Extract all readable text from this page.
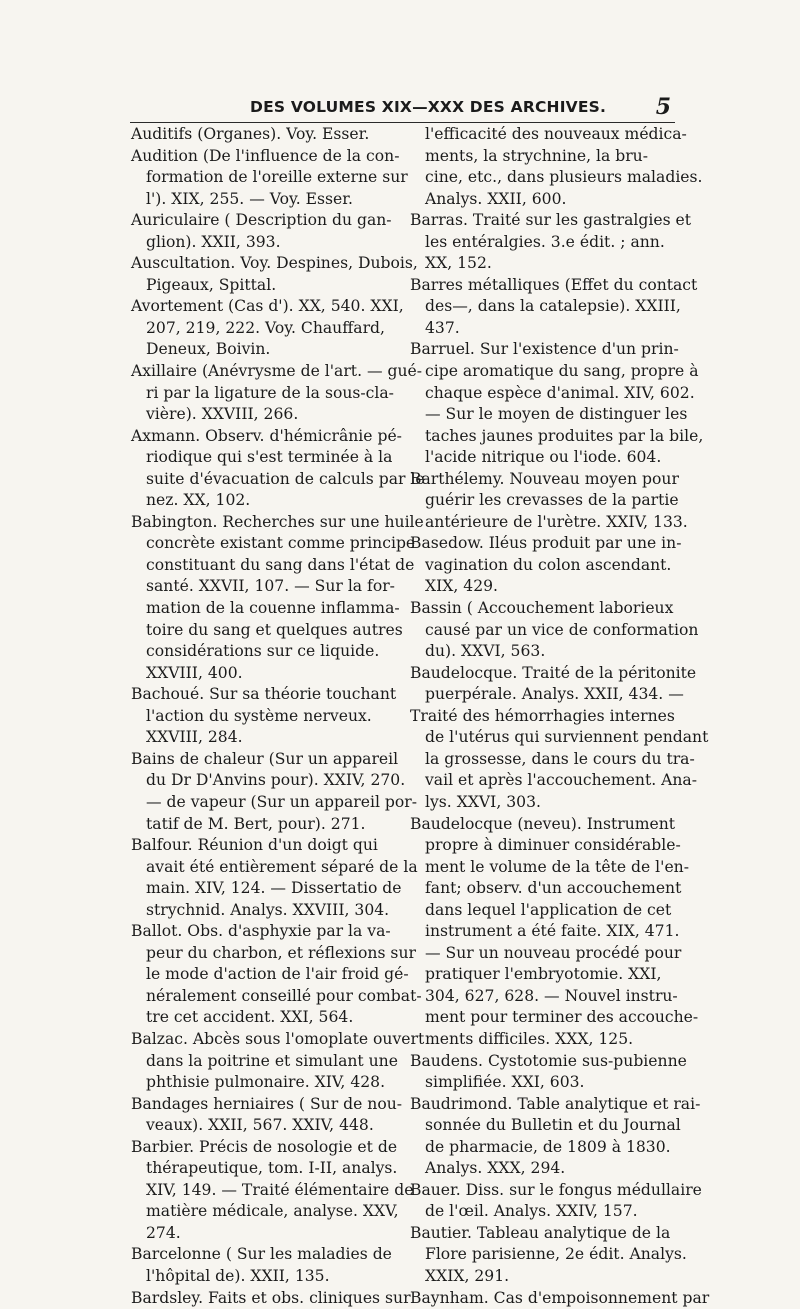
DES VOLUMES XIX—XXX DES ARCHIVES. 5
Auditifs (Organes). Voy. Esser.
Audition (De l'influence de la con-
formation de l'oreille externe sur
l'). XIX, 255. — Voy. Esser.
Auriculaire ( Description du gan-
glion). XXII, 393.
Auscultation. Voy. Despines, Dubois,
Pigeaux, Spittal.
Avortement (Cas d'). XX, 540. XXI,
207, 219, 222. Voy. Chauffard,
Deneux, Boivin.
Axillaire (Anévrysme de l'art. — gué-
ri par la ligature de la sous-cla-
vière). XXVIII, 266.
Axmann. Observ. d'hémicrânie pé-
riodique qui s'est terminée à la
suite d'évacuation de calculs par le
nez. XX, 102.
Babington. Recherches sur une huile
concrète existant comme principe
constituant du sang dans l'état de
santé. XXVII, 107. — Sur la for-
mation de la couenne inflamma-
toire du sang et quelques autres
considérations sur ce liquide.
XXVIII, 400.
Bachoué. Sur sa théorie touchant
l'action du système nerveux.
XXVIII, 284.
Bains de chaleur (Sur un appareil
du Dr D'Anvins pour). XXIV, 270.
— de vapeur (Sur un appareil por-
tatif de M. Bert, pour). 271.
Balfour. Réunion d'un doigt qui
avait été entièrement séparé de la
main. XIV, 124. — Dissertatio de
strychnid. Analys. XXVIII, 304.
Ballot. Obs. d'asphyxie par la va-
peur du charbon, et réflexions sur
le mode d'action de l'air froid gé-
néralement conseillé pour combat-
tre cet accident. XXI, 564.
Balzac. Abcès sous l'omoplate ouvert
dans la poitrine et simulant une
phthisie pulmonaire. XIV, 428.
Bandages herniaires ( Sur de nou-
veaux). XXII, 567. XXIV, 448.
Barbier. Précis de nosologie et de
thérapeutique, tom. I-II, analys.
XIV, 149. — Traité élémentaire de
matière médicale, analyse. XXV,
274.
Barcelonne ( Sur les maladies de
l'hôpital de). XXII, 135.
Bardsley. Faits et obs. cliniques sur
l'efficacité des nouveaux médica-
ments, la strychnine, la bru-
cine, etc., dans plusieurs maladies.
Analys. XXII, 600.
Barras. Traité sur les gastralgies et
les entéralgies. 3.e édit. ; ann.
XX, 152.
Barres métalliques (Effet du contact
des—, dans la catalepsie). XXIII,
437.
Barruel. Sur l'existence d'un prin-
cipe aromatique du sang, propre à
chaque espèce d'animal. XIV, 602.
— Sur le moyen de distinguer les
taches jaunes produites par la bile,
l'acide nitrique ou l'iode. 604.
Barthélemy. Nouveau moyen pour
guérir les crevasses de la partie
antérieure de l'urètre. XXIV, 133.
Basedow. Iléus produit par une in-
vagination du colon ascendant.
XIX, 429.
Bassin ( Accouchement laborieux
causé par un vice de conformation
du). XXVI, 563.
Baudelocque. Traité de la péritonite
puerpérale. Analys. XXII, 434. —
Traité des hémorrhagies internes
de l'utérus qui surviennent pendant
la grossesse, dans le cours du tra-
vail et après l'accouchement. Ana-
lys. XXVI, 303.
Baudelocque (neveu). Instrument
propre à diminuer considérable-
ment le volume de la tête de l'en-
fant; observ. d'un accouchement
dans lequel l'application de cet
instrument a été faite. XIX, 471.
— Sur un nouveau procédé pour
pratiquer l'embryotomie. XXI,
304, 627, 628. — Nouvel instru-
ment pour terminer des accouche-
ments difficiles. XXX, 125.
Baudens. Cystotomie sus-pubienne
simplifiée. XXI, 603.
Baudrimond. Table analytique et rai-
sonnée du Bulletin et du Journal
de pharmacie, de 1809 à 1830.
Analys. XXX, 294.
Bauer. Diss. sur le fongus médullaire
de l'œil. Analys. XXIV, 157.
Bautier. Tableau analytique de la
Flore parisienne, 2e édit. Analys.
XXIX, 291.
Baynham. Cas d'empoisonnement par
